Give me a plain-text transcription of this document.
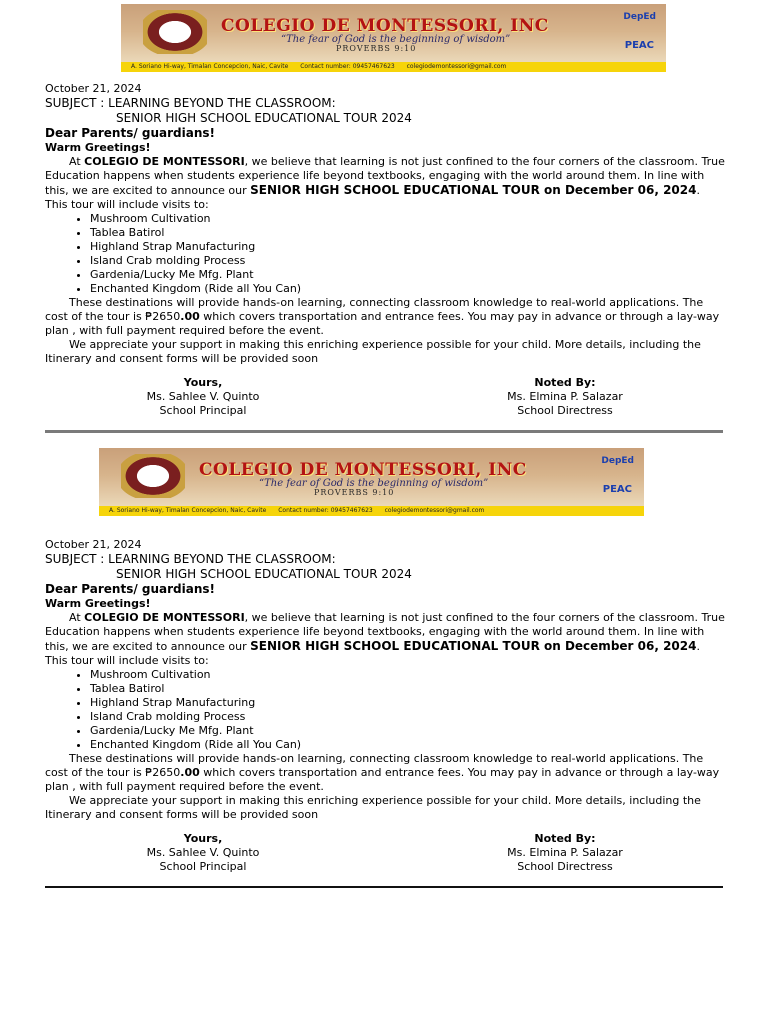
COLEGIO DE MONTESSORI, INC
“The fear of God is the beginning of wisdom”
PROVERBS 9:10
DepEd
PEAC
A. Soriano Hi-way, Timalan Concepcion, Naic, Cavite Contact number: 09457467623 colegiodemontessori@gmail.com
October 21, 2024
SUBJECT : LEARNING BEYOND THE CLASSROOM:
SENIOR HIGH SCHOOL EDUCATIONAL TOUR 2024
Dear Parents/ guardians!
Warm Greetings!

At COLEGIO DE MONTESSORI, we believe that learning is not just confined to the four corners of the classroom. True Education happens when students experience life beyond textbooks, engaging with the world around them. In line with this, we are excited to announce our SENIOR HIGH SCHOOL EDUCATIONAL TOUR on December 06, 2024. This tour will include visits to:

• Mushroom Cultivation
• Tablea Batirol
• Highland Strap Manufacturing
• Island Crab molding Process
• Gardenia/Lucky Me Mfg. Plant
• Enchanted Kingdom (Ride all You Can)

These destinations will provide hands-on learning, connecting classroom knowledge to real-world applications. The cost of the tour is ₱2650.00 which covers transportation and entrance fees. You may pay in advance or through a lay-way plan , with full payment required before the event.

We appreciate your support in making this enriching experience possible for your child. More details, including the Itinerary and consent forms will be provided soon

Yours,
Ms. Sahlee V. Quinto
School Principal
Noted By:
Ms. Elmina P. Salazar
School Directress
COLEGIO DE MONTESSORI, INC
“The fear of God is the beginning of wisdom”
PROVERBS 9:10
DepEd
PEAC
A. Soriano Hi-way, Timalan Concepcion, Naic, Cavite Contact number: 09457467623 colegiodemontessori@gmail.com
October 21, 2024
SUBJECT : LEARNING BEYOND THE CLASSROOM:
SENIOR HIGH SCHOOL EDUCATIONAL TOUR 2024
Dear Parents/ guardians!
Warm Greetings!

At COLEGIO DE MONTESSORI, we believe that learning is not just confined to the four corners of the classroom. True Education happens when students experience life beyond textbooks, engaging with the world around them. In line with this, we are excited to announce our SENIOR HIGH SCHOOL EDUCATIONAL TOUR on December 06, 2024. This tour will include visits to:

• Mushroom Cultivation
• Tablea Batirol
• Highland Strap Manufacturing
• Island Crab molding Process
• Gardenia/Lucky Me Mfg. Plant
• Enchanted Kingdom (Ride all You Can)

These destinations will provide hands-on learning, connecting classroom knowledge to real-world applications. The cost of the tour is ₱2650.00 which covers transportation and entrance fees. You may pay in advance or through a lay-way plan , with full payment required before the event.

We appreciate your support in making this enriching experience possible for your child. More details, including the Itinerary and consent forms will be provided soon

Yours,
Ms. Sahlee V. Quinto
School Principal
Noted By:
Ms. Elmina P. Salazar
School Directress
